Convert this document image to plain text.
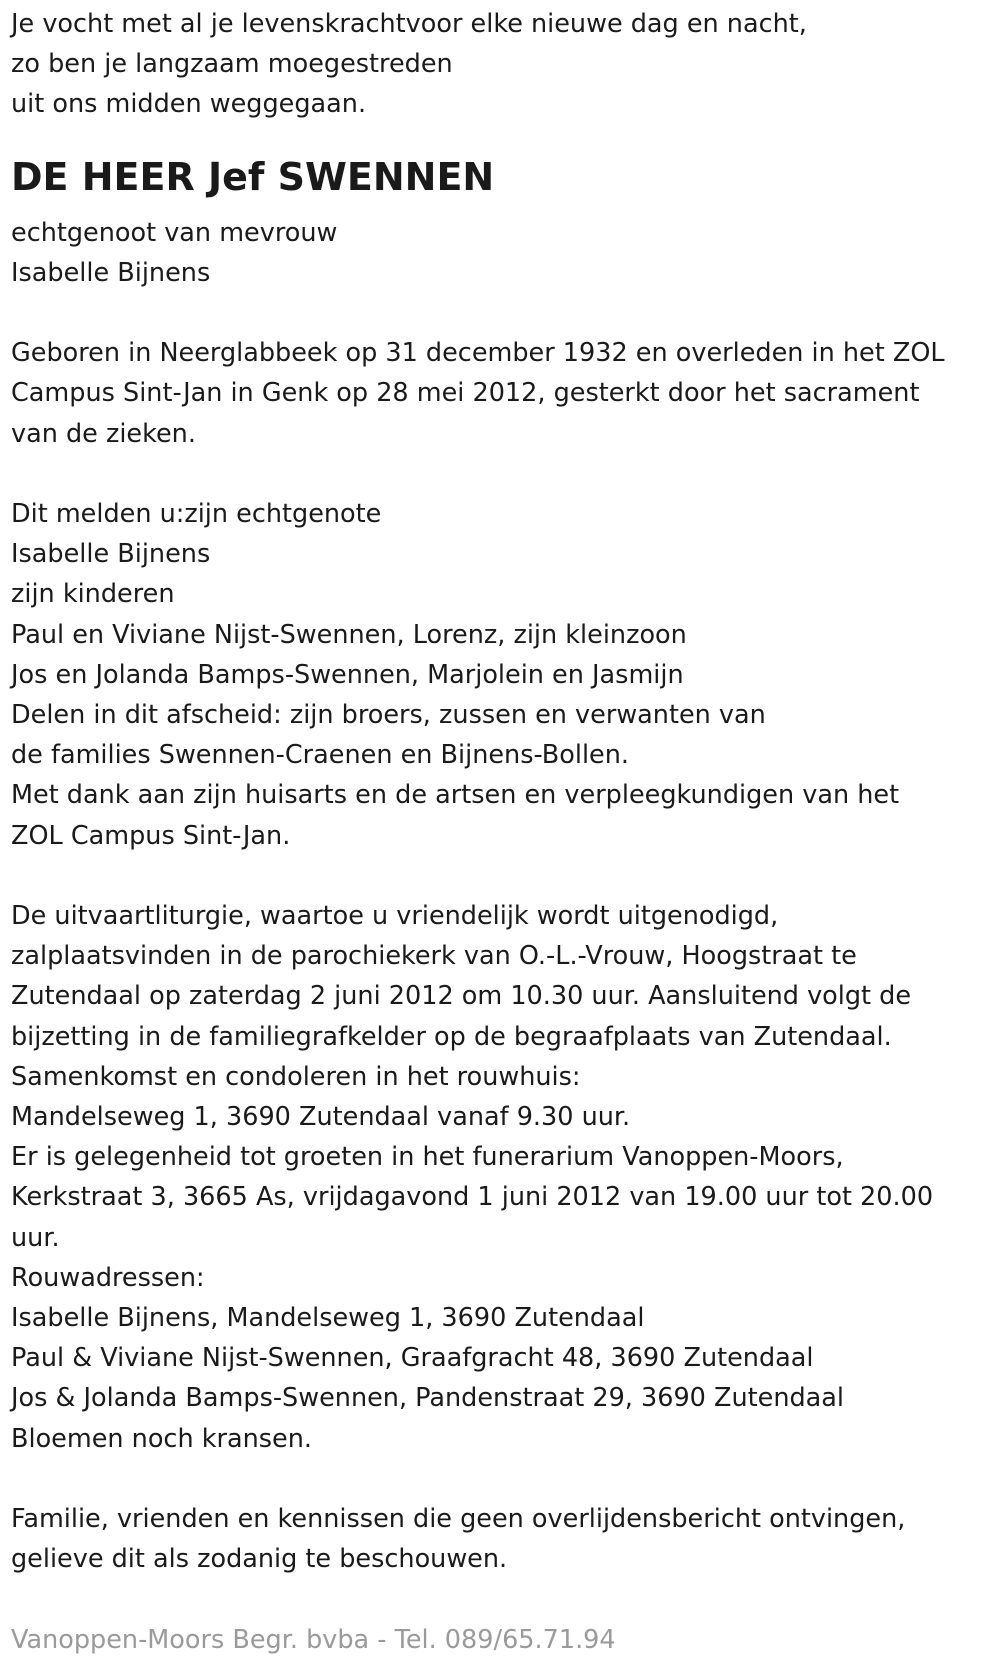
Je vocht met al je levenskrachtvoor elke nieuwe dag en nacht,

zo ben je langzaam moegestreden

uit ons midden weggegaan.

DE HEER Jef SWENNEN

echtgenoot van mevrouw

Isabelle Bijnens

Geboren in Neerglabbeek op 31 december 1932 en overleden in het ZOL

Campus Sint-Jan in Genk op 28 mei 2012, gesterkt door het sacrament

van de zieken.

Dit melden u:zijn echtgenote

Isabelle Bijnens

zijn kinderen

Paul en Viviane Nijst-Swennen, Lorenz, zijn kleinzoon

Jos en Jolanda Bamps-Swennen, Marjolein en Jasmijn

Delen in dit afscheid: zijn broers, zussen en verwanten van

de families Swennen-Craenen en Bijnens-Bollen.

Met dank aan zijn huisarts en de artsen en verpleegkundigen van het

ZOL Campus Sint-Jan.

De uitvaartliturgie, waartoe u vriendelijk wordt uitgenodigd,

zalplaatsvinden in de parochiekerk van O.-L.-Vrouw, Hoogstraat te

Zutendaal op zaterdag 2 juni 2012 om 10.30 uur. Aansluitend volgt de

bijzetting in de familiegrafkelder op de begraafplaats van Zutendaal.

Samenkomst en condoleren in het rouwhuis:

Mandelseweg 1, 3690 Zutendaal vanaf 9.30 uur.

Er is gelegenheid tot groeten in het funerarium Vanoppen-Moors,

Kerkstraat 3, 3665 As, vrijdagavond 1 juni 2012 van 19.00 uur tot 20.00

uur.

Rouwadressen:

Isabelle Bijnens, Mandelseweg 1, 3690 Zutendaal

Paul & Viviane Nijst-Swennen, Graafgracht 48, 3690 Zutendaal

Jos & Jolanda Bamps-Swennen, Pandenstraat 29, 3690 Zutendaal

Bloemen noch kransen.

Familie, vrienden en kennissen die geen overlijdensbericht ontvingen,

gelieve dit als zodanig te beschouwen.

Vanoppen-Moors Begr. bvba - Tel. 089/65.71.94
